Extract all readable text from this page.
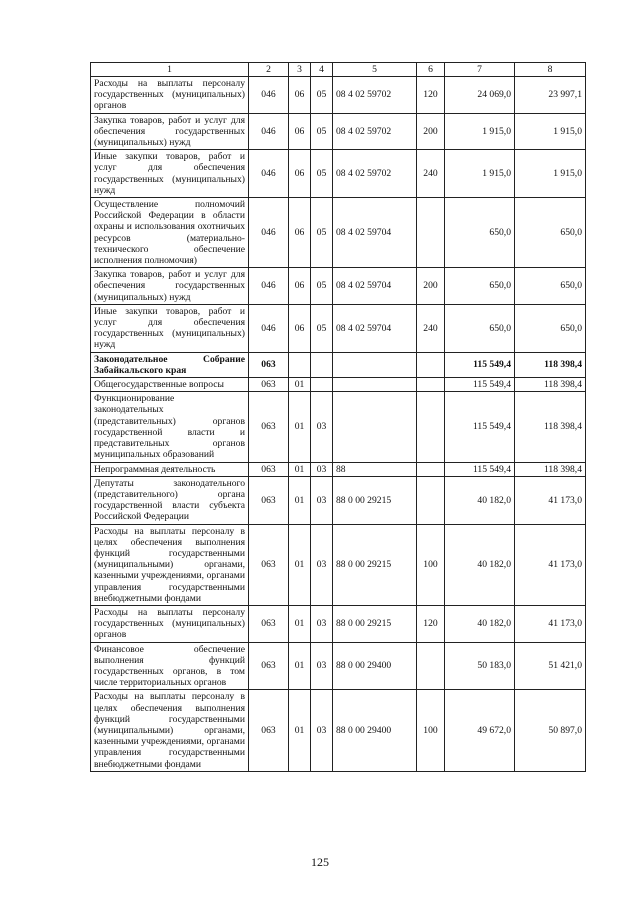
1	2	3	4	5	6	7	8
Расходы на выплаты персоналу государственных (муниципальных) органов	046	06	05	08 4 02 59702	120	24 069,0	23 997,1
Закупка товаров, работ и услуг для обеспечения государственных (муниципальных) нужд	046	06	05	08 4 02 59702	200	1 915,0	1 915,0
Иные закупки товаров, работ и услуг для обеспечения государственных (муниципальных) нужд	046	06	05	08 4 02 59702	240	1 915,0	1 915,0
Осуществление полномочий Российской Федерации в области охраны и использования охотничьих ресурсов (материально-технического обеспечение исполнения полномочия)	046	06	05	08 4 02 59704		650,0	650,0
Закупка товаров, работ и услуг для обеспечения государственных (муниципальных) нужд	046	06	05	08 4 02 59704	200	650,0	650,0
Иные закупки товаров, работ и услуг для обеспечения государственных (муниципальных) нужд	046	06	05	08 4 02 59704	240	650,0	650,0
Законодательное Собрание Забайкальского края	063					115 549,4	118 398,4
Общегосударственные вопросы	063	01				115 549,4	118 398,4
Функционирование законодательных (представительных) органов государственной власти и представительных органов муниципальных образований	063	01	03			115 549,4	118 398,4
Непрограммная деятельность	063	01	03	88		115 549,4	118 398,4
Депутаты законодательного (представительного) органа государственной власти субъекта Российской Федерации	063	01	03	88 0 00 29215		40 182,0	41 173,0
Расходы на выплаты персоналу в целях обеспечения выполнения функций государственными (муниципальными) органами, казенными учреждениями, органами управления государственными внебюджетными фондами	063	01	03	88 0 00 29215	100	40 182,0	41 173,0
Расходы на выплаты персоналу государственных (муниципальных) органов	063	01	03	88 0 00 29215	120	40 182,0	41 173,0
Финансовое обеспечение выполнения функций государственных органов, в том числе территориальных органов	063	01	03	88 0 00 29400		50 183,0	51 421,0
Расходы на выплаты персоналу в целях обеспечения выполнения функций государственными (муниципальными) органами, казенными учреждениями, органами управления государственными внебюджетными фондами	063	01	03	88 0 00 29400	100	49 672,0	50 897,0
125
